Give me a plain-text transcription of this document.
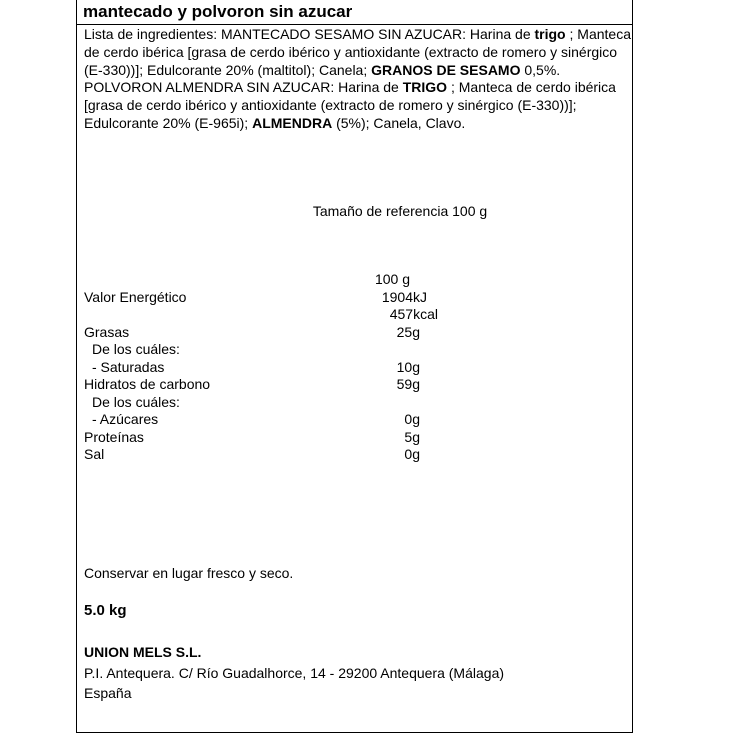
mantecado y polvoron sin azucar
Lista de ingredientes: MANTECADO SESAMO SIN AZUCAR: Harina de trigo ; Manteca de cerdo ibérica [grasa de cerdo ibérico y antioxidante (extracto de romero y sinérgico (E-330))]; Edulcorante 20% (maltitol); Canela; GRANOS DE SESAMO 0,5%. POLVORON ALMENDRA SIN AZUCAR: Harina de TRIGO ; Manteca de cerdo ibérica [grasa de cerdo ibérico y antioxidante (extracto de romero y sinérgico (E-330))]; Edulcorante 20% (E-965i); ALMENDRA (5%); Canela, Clavo.
Tamaño de referencia 100 g
100 g
Valor Energético	1904kJ
457kcal
Grasas	25g
De los cuáles:
- Saturadas	10g
Hidratos de carbono	59g
De los cuáles:
- Azúcares	0g
Proteínas	5g
Sal	0g
Conservar en lugar fresco y seco.
5.0 kg
UNION MELS S.L.
P.I. Antequera. C/ Río Guadalhorce, 14 - 29200 Antequera (Málaga)
España
